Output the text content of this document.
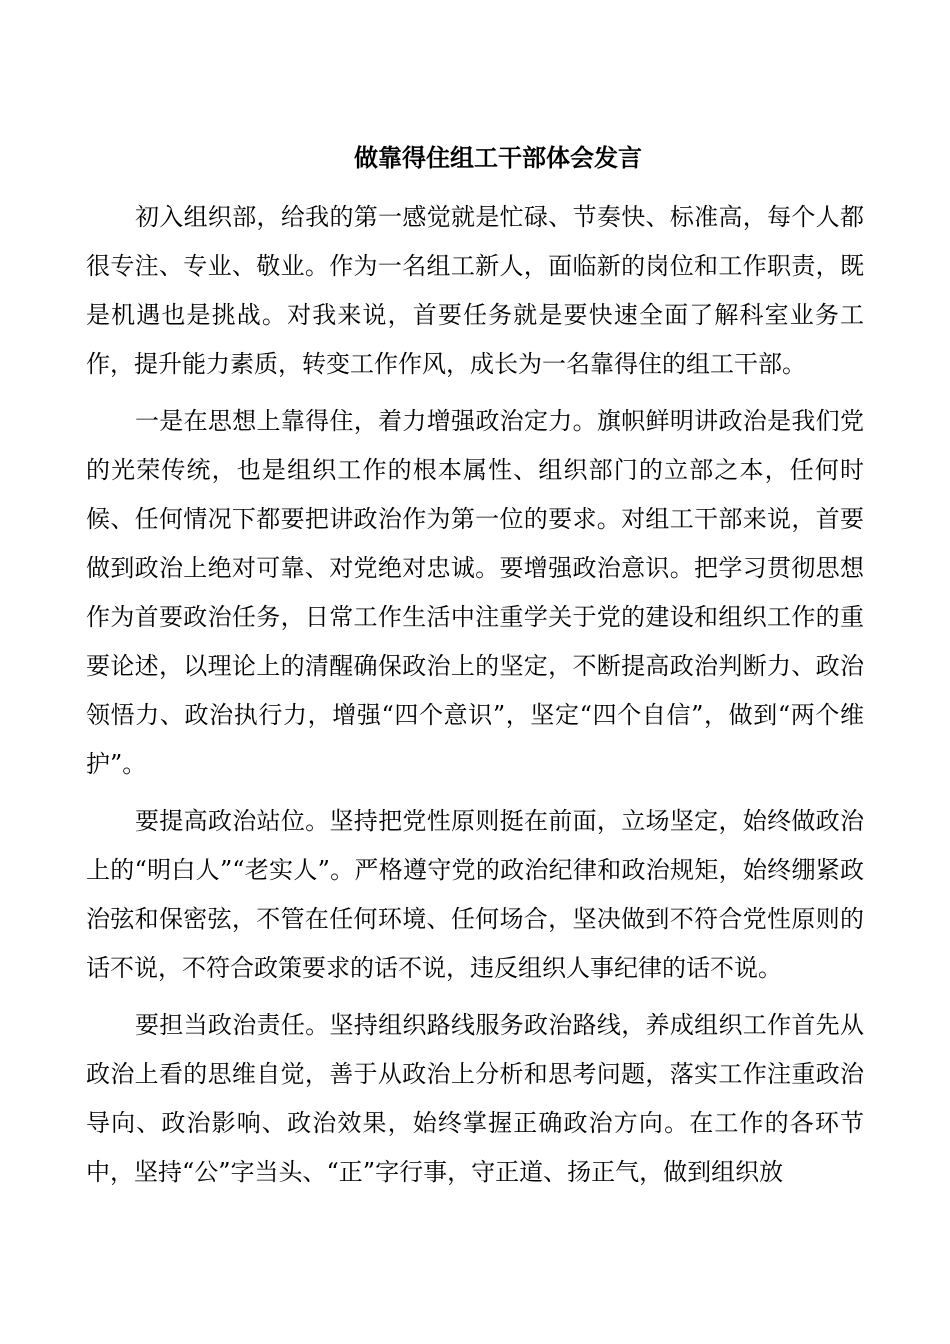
做靠得住组工干部体会发言

初入组织部，给我的第一感觉就是忙碌、节奏快、标准高，每个人都很专注、专业、敬业。作为一名组工新人，面临新的岗位和工作职责，既是机遇也是挑战。对我来说，首要任务就是要快速全面了解科室业务工作，提升能力素质，转变工作作风，成长为一名靠得住的组工干部。

一是在思想上靠得住，着力增强政治定力。旗帜鲜明讲政治是我们党的光荣传统，也是组织工作的根本属性、组织部门的立部之本，任何时候、任何情况下都要把讲政治作为第一位的要求。对组工干部来说，首要做到政治上绝对可靠、对党绝对忠诚。要增强政治意识。把学习贯彻思想作为首要政治任务，日常工作生活中注重学关于党的建设和组织工作的重要论述，以理论上的清醒确保政治上的坚定，不断提高政治判断力、政治领悟力、政治执行力，增强“四个意识”，坚定“四个自信”，做到“两个维护”。

要提高政治站位。坚持把党性原则挺在前面，立场坚定，始终做政治上的“明白人”“老实人”。严格遵守党的政治纪律和政治规矩，始终绷紧政治弦和保密弦，不管在任何环境、任何场合，坚决做到不符合党性原则的话不说，不符合政策要求的话不说，违反组织人事纪律的话不说。

要担当政治责任。坚持组织路线服务政治路线，养成组织工作首先从政治上看的思维自觉，善于从政治上分析和思考问题，落实工作注重政治导向、政治影响、政治效果，始终掌握正确政治方向。在工作的各环节中，坚持“公”字当头、“正”字行事，守正道、扬正气，做到组织放
